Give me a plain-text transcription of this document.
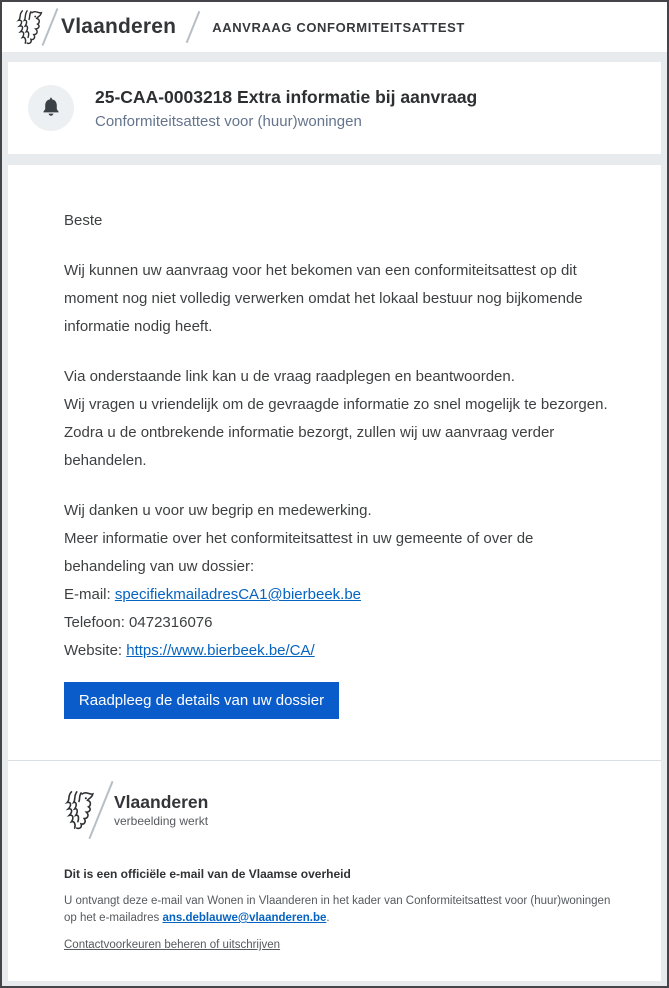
Vlaanderen	AANVRAAG CONFORMITEITSATTEST
25-CAA-0003218 Extra informatie bij aanvraag
Conformiteitsattest voor (huur)woningen

Beste

Wij kunnen uw aanvraag voor het bekomen van een conformiteitsattest op dit moment nog niet volledig verwerken omdat het lokaal bestuur nog bijkomende informatie nodig heeft.

Via onderstaande link kan u de vraag raadplegen en beantwoorden.
Wij vragen u vriendelijk om de gevraagde informatie zo snel mogelijk te bezorgen.
Zodra u de ontbrekende informatie bezorgt, zullen wij uw aanvraag verder behandelen.

Wij danken u voor uw begrip en medewerking.
Meer informatie over het conformiteitsattest in uw gemeente of over de behandeling van uw dossier:
E-mail: specifiekmailadresCA1@bierbeek.be
Telefoon: 0472316076
Website: https://www.bierbeek.be/CA/

Raadpleeg de details van uw dossier
Vlaanderen
verbeelding werkt
Dit is een officiële e-mail van de Vlaamse overheid

U ontvangt deze e-mail van Wonen in Vlaanderen in het kader van Conformiteitsattest voor (huur)woningen op het e-mailadres ans.deblauwe@vlaanderen.be.

Contactvoorkeuren beheren of uitschrijven
